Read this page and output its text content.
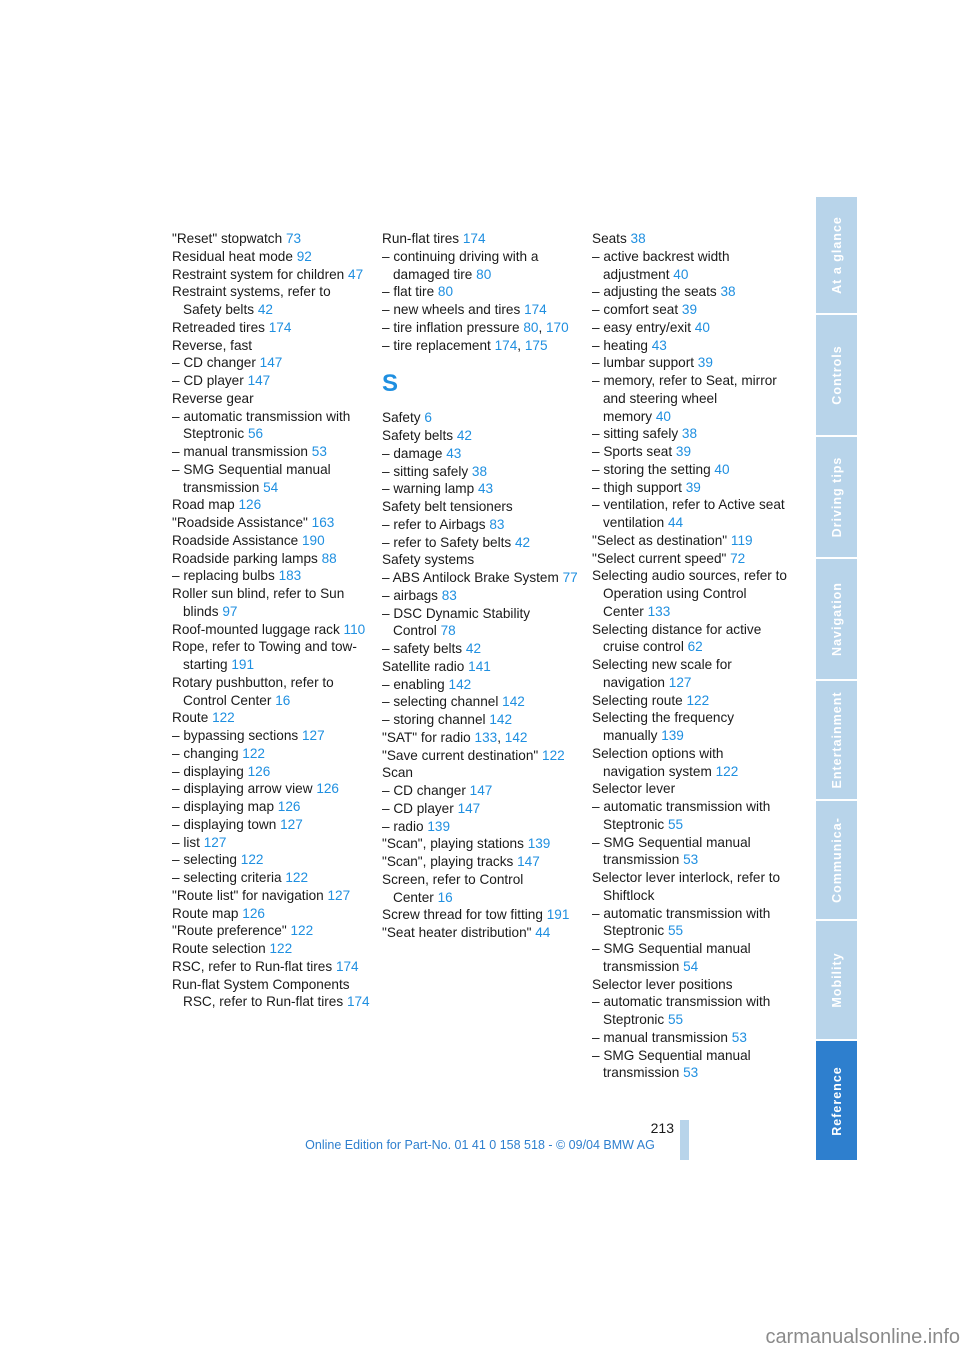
"Reset" stopwatch 73
Residual heat mode 92
Restraint system for children 47
Restraint systems, refer to Safety belts 42
Retreaded tires 174
Reverse, fast
– CD changer 147
– CD player 147
Reverse gear
– automatic transmission with Steptronic 56
– manual transmission 53
– SMG Sequential manual transmission 54
Road map 126
"Roadside Assistance" 163
Roadside Assistance 190
Roadside parking lamps 88
– replacing bulbs 183
Roller sun blind, refer to Sun blinds 97
Roof-mounted luggage rack 110
Rope, refer to Towing and tow-starting 191
Rotary pushbutton, refer to Control Center 16
Route 122
– bypassing sections 127
– changing 122
– displaying 126
– displaying arrow view 126
– displaying map 126
– displaying town 127
– list 127
– selecting 122
– selecting criteria 122
"Route list" for navigation 127
Route map 126
"Route preference" 122
Route selection 122
RSC, refer to Run-flat tires 174
Run-flat System Components RSC, refer to Run-flat tires 174
Run-flat tires 174
– continuing driving with a damaged tire 80
– flat tire 80
– new wheels and tires 174
– tire inflation pressure 80, 170
– tire replacement 174, 175
S
Safety 6
Safety belts 42
– damage 43
– sitting safely 38
– warning lamp 43
Safety belt tensioners
– refer to Airbags 83
– refer to Safety belts 42
Safety systems
– ABS Antilock Brake System 77
– airbags 83
– DSC Dynamic Stability Control 78
– safety belts 42
Satellite radio 141
– enabling 142
– selecting channel 142
– storing channel 142
"SAT" for radio 133, 142
"Save current destination" 122
Scan
– CD changer 147
– CD player 147
– radio 139
"Scan", playing stations 139
"Scan", playing tracks 147
Screen, refer to Control Center 16
Screw thread for tow fitting 191
"Seat heater distribution" 44
Seats 38
– active backrest width adjustment 40
– adjusting the seats 38
– comfort seat 39
– easy entry/exit 40
– heating 43
– lumbar support 39
– memory, refer to Seat, mirror and steering wheel memory 40
– sitting safely 38
– Sports seat 39
– storing the setting 40
– thigh support 39
– ventilation, refer to Active seat ventilation 44
"Select as destination" 119
"Select current speed" 72
Selecting audio sources, refer to Operation using Control Center 133
Selecting distance for active cruise control 62
Selecting new scale for navigation 127
Selecting route 122
Selecting the frequency manually 139
Selection options with navigation system 122
Selector lever
– automatic transmission with Steptronic 55
– SMG Sequential manual transmission 53
Selector lever interlock, refer to Shiftlock
– automatic transmission with Steptronic 55
– SMG Sequential manual transmission 54
Selector lever positions
– automatic transmission with Steptronic 55
– manual transmission 53
– SMG Sequential manual transmission 53
At a glance
Controls
Driving tips
Navigation
Entertainment
Communica-
Mobility
Reference
213
Online Edition for Part-No. 01 41 0 158 518 - © 09/04 BMW AG
carmanualsonline.info
